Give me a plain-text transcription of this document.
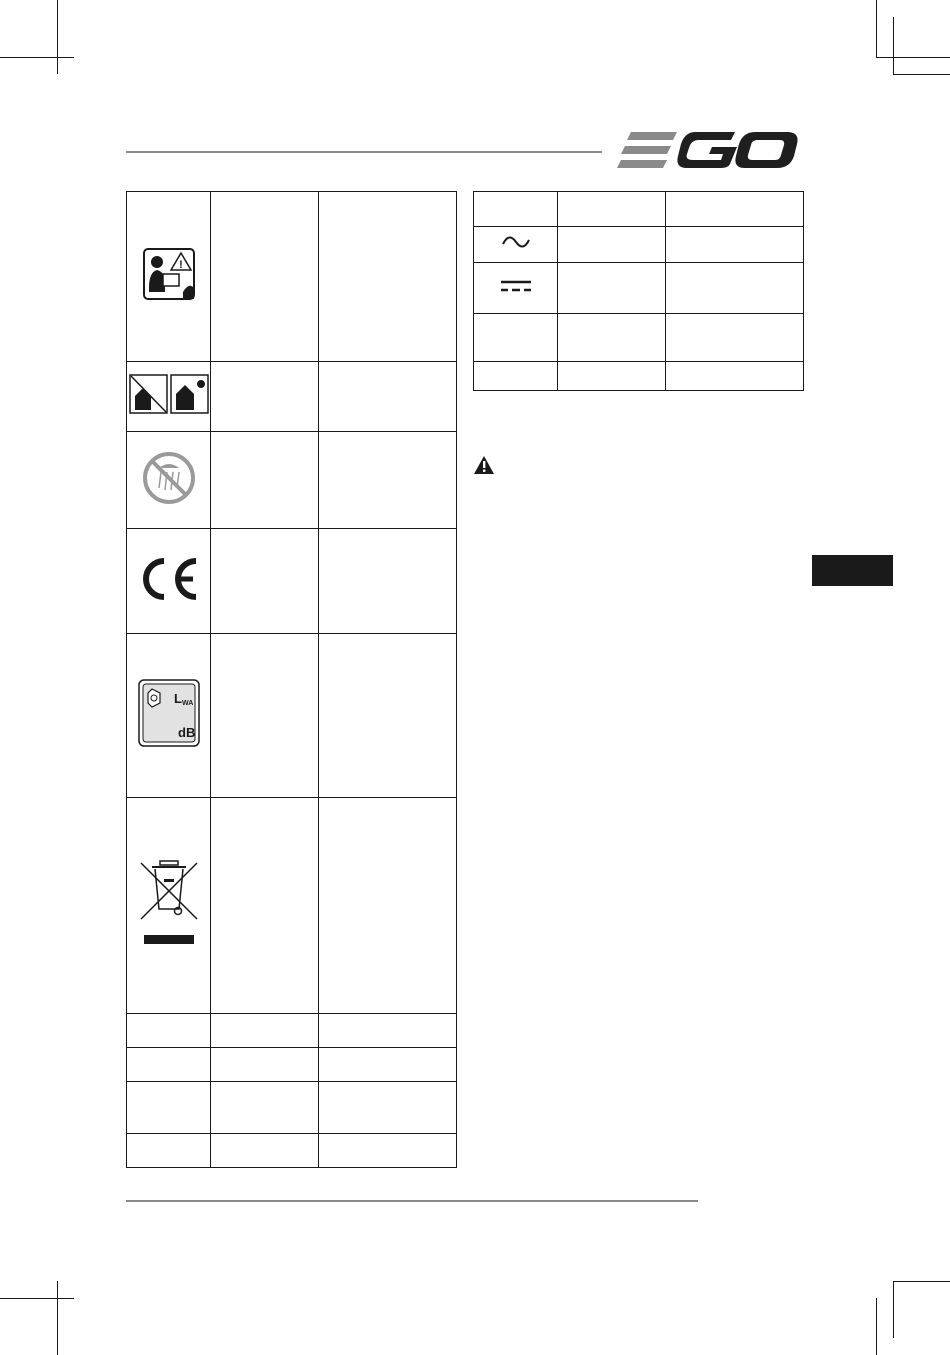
!		

L WA
dB		
